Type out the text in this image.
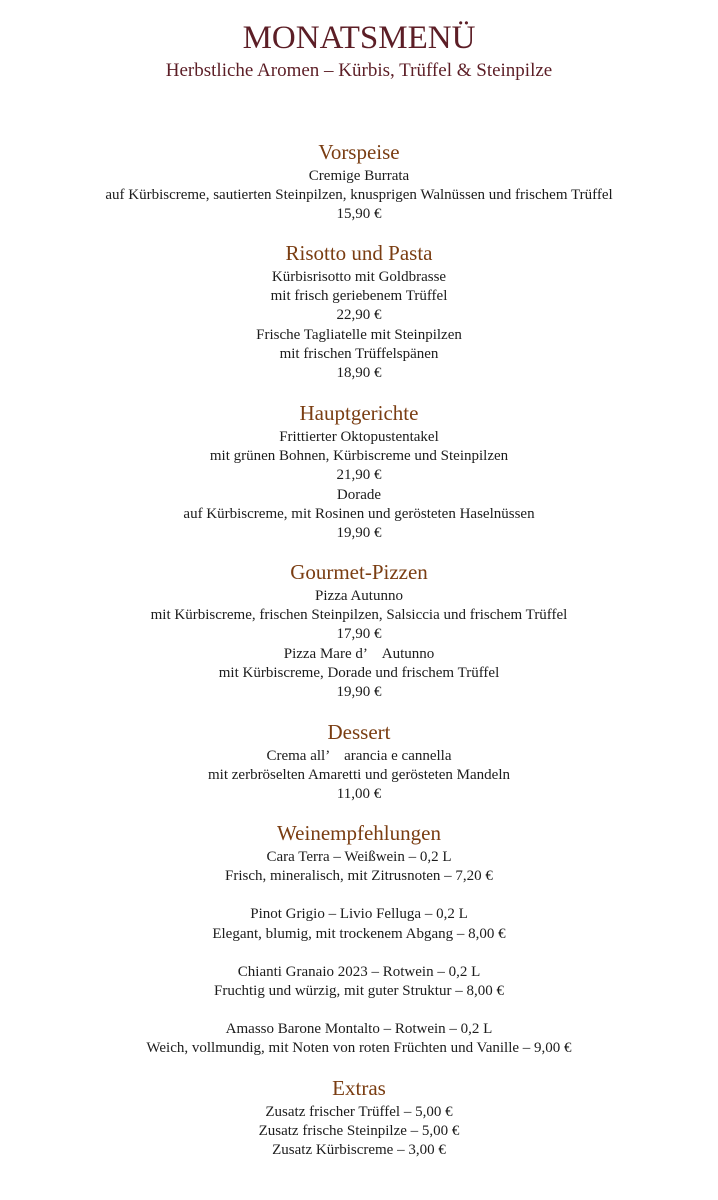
MONATSMENÜ
Herbstliche Aromen – Kürbis, Trüffel & Steinpilze
Vorspeise
Cremige Burrata
auf Kürbiscreme, sautierten Steinpilzen, knusprigen Walnüssen und frischem Trüffel
15,90 €
Risotto und Pasta
Kürbisrisotto mit Goldbrasse
mit frisch geriebenem Trüffel
22,90 €
Frische Tagliatelle mit Steinpilzen
mit frischen Trüffelspänen
18,90 €
Hauptgerichte
Frittierter Oktopustentakel
mit grünen Bohnen, Kürbiscreme und Steinpilzen
21,90 €
Dorade
auf Kürbiscreme, mit Rosinen und gerösteten Haselnüssen
19,90 €
Gourmet-Pizzen
Pizza Autunno
mit Kürbiscreme, frischen Steinpilzen, Salsiccia und frischem Trüffel
17,90 €
Pizza Mare d’　Autunno
mit Kürbiscreme, Dorade und frischem Trüffel
19,90 €
Dessert
Crema all’　arancia e cannella
mit zerbröselten Amaretti und gerösteten Mandeln
11,00 €
Weinempfehlungen
Cara Terra – Weißwein – 0,2 L
Frisch, mineralisch, mit Zitrusnoten – 7,20 €
Pinot Grigio – Livio Felluga – 0,2 L
Elegant, blumig, mit trockenem Abgang – 8,00 €
Chianti Granaio 2023 – Rotwein – 0,2 L
Fruchtig und würzig, mit guter Struktur – 8,00 €
Amasso Barone Montalto – Rotwein – 0,2 L
Weich, vollmundig, mit Noten von roten Früchten und Vanille – 9,00 €
Extras
Zusatz frischer Trüffel – 5,00 €
Zusatz frische Steinpilze – 5,00 €
Zusatz Kürbiscreme – 3,00 €
